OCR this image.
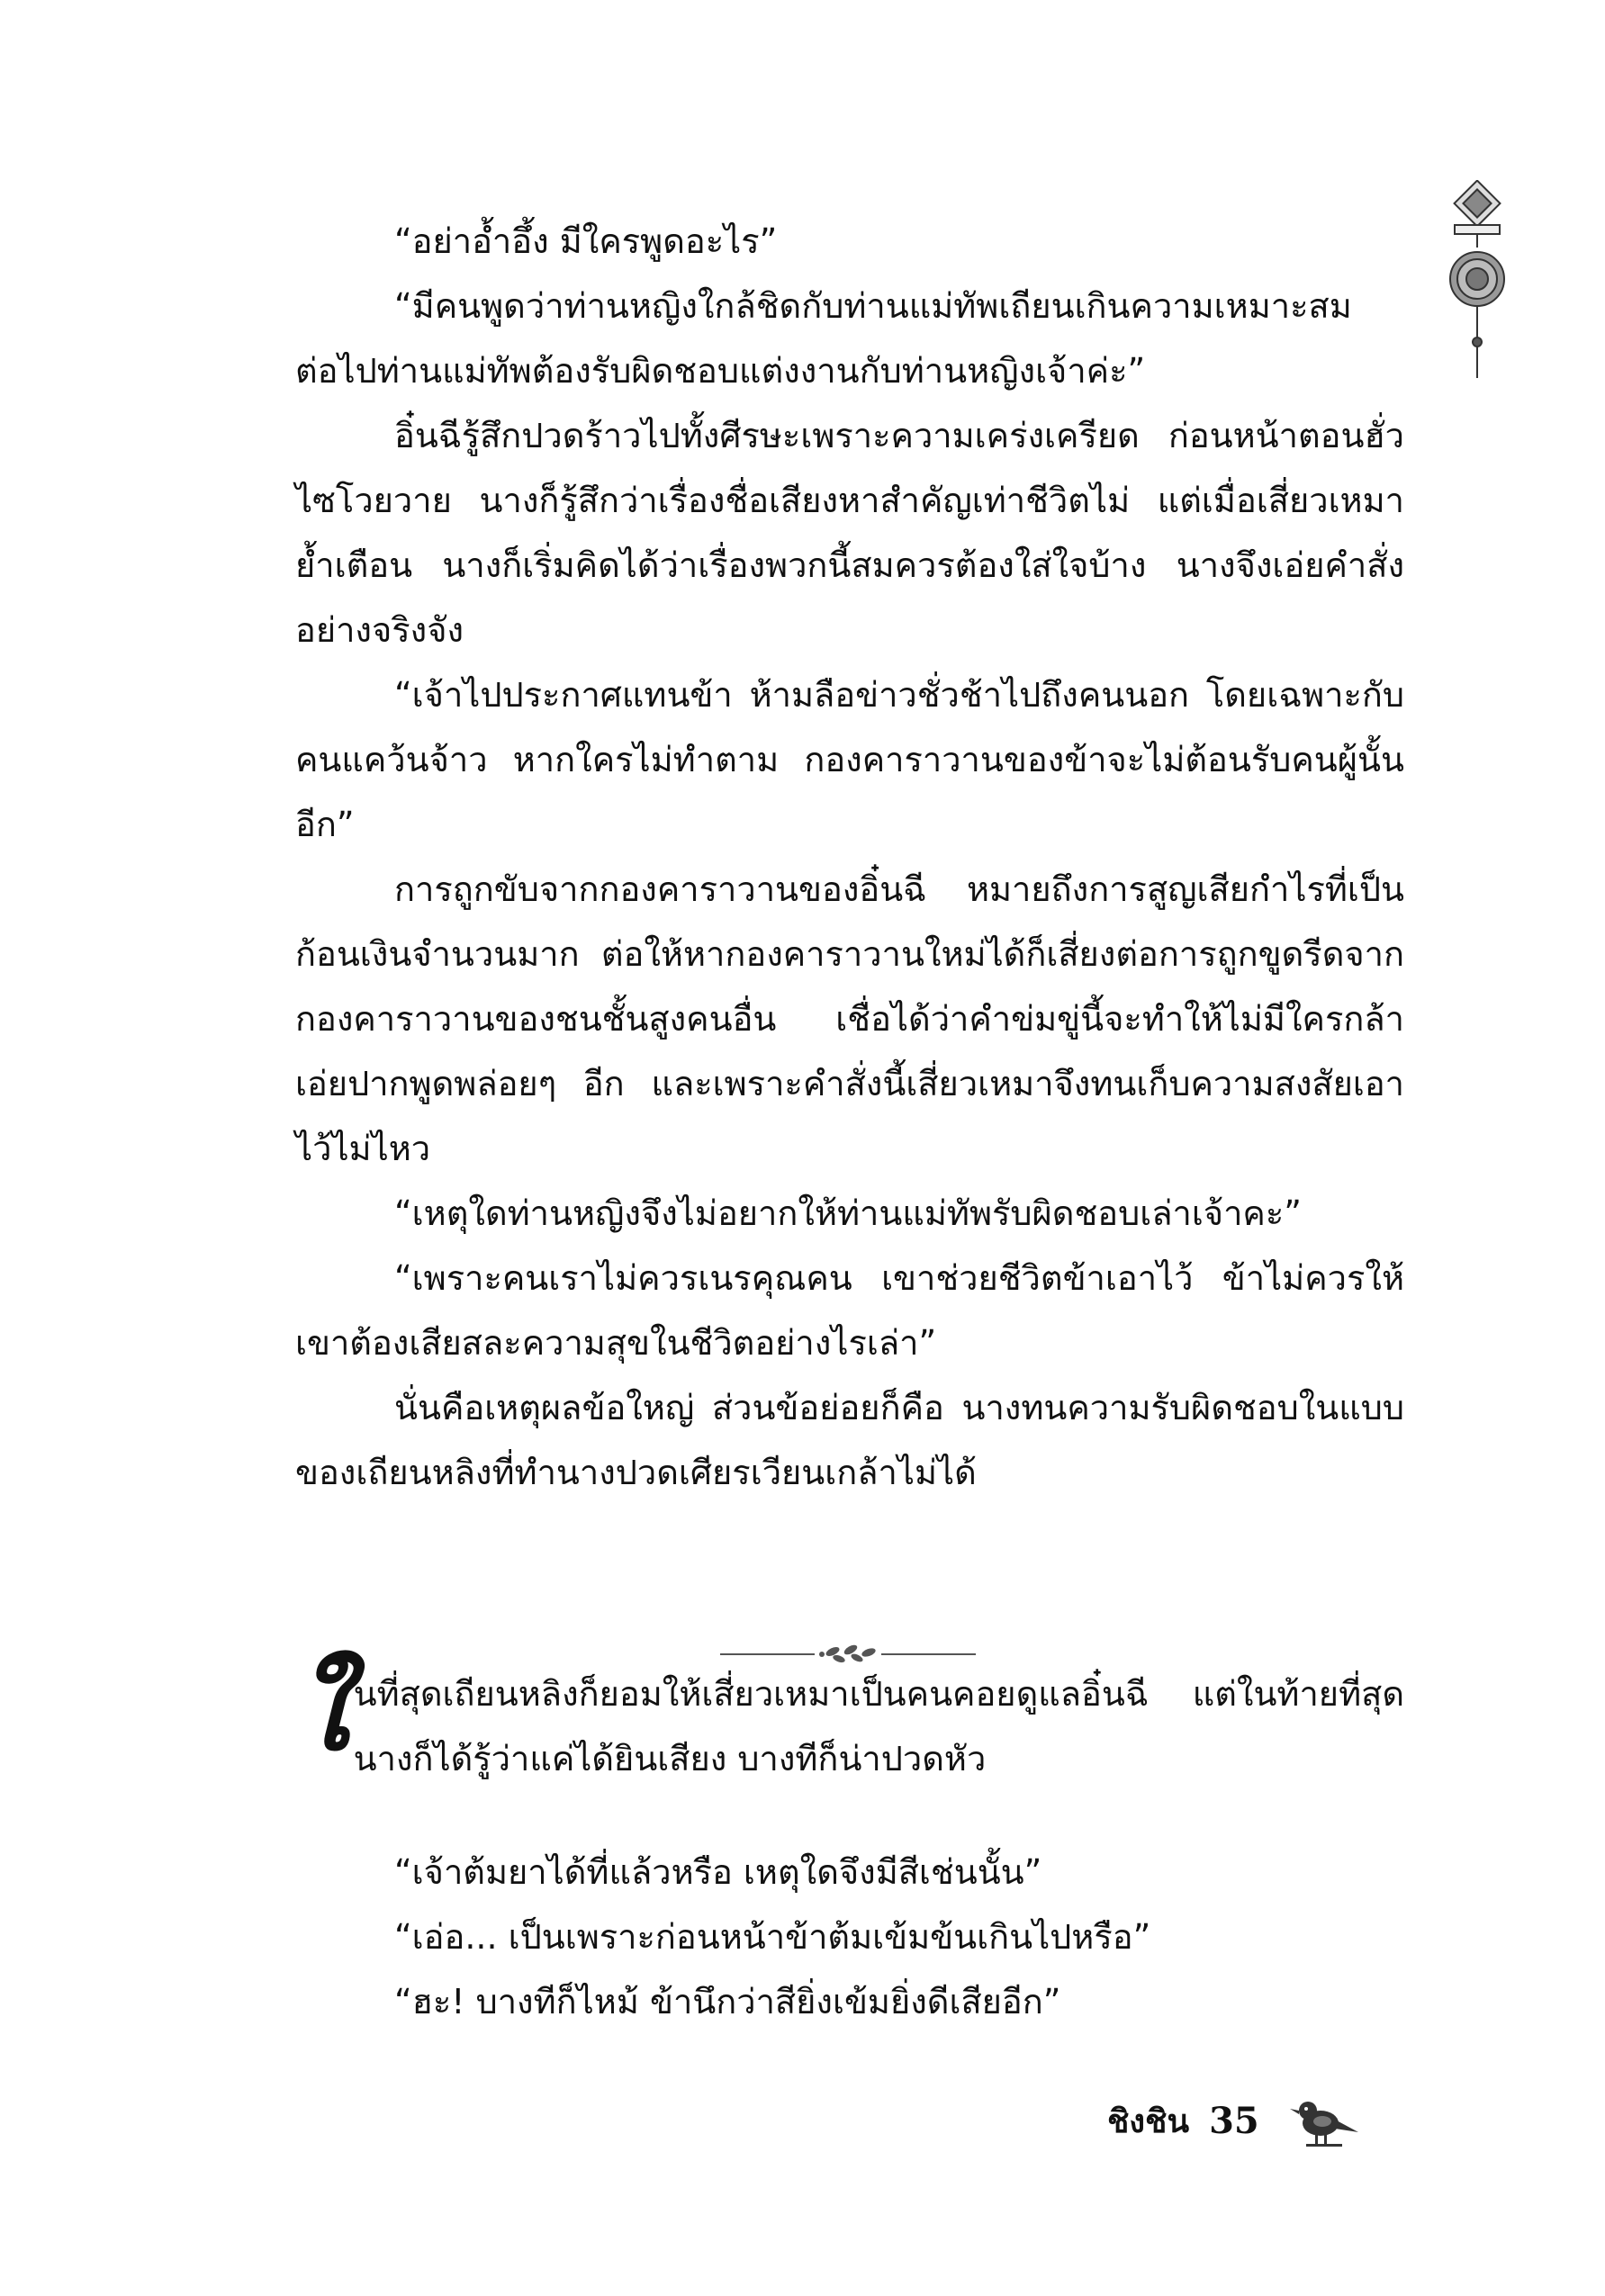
“อย่าอ้ำอึ้ง มีใครพูดอะไร”

“มีคนพูดว่าท่านหญิงใกล้ชิดกับท่านแม่ทัพเถียนเกินความเหมาะสม ต่อไปท่านแม่ทัพต้องรับผิดชอบแต่งงานกับท่านหญิงเจ้าค่ะ”

อิ๋นฉีรู้สึกปวดร้าวไปทั้งศีรษะเพราะความเคร่งเครียด ก่อนหน้าตอนฮั่วไซโวยวาย นางก็รู้สึกว่าเรื่องชื่อเสียงหาสำคัญเท่าชีวิตไม่ แต่เมื่อเสี่ยวเหมาย้ำเตือน นางก็เริ่มคิดได้ว่าเรื่องพวกนี้สมควรต้องใส่ใจบ้าง นางจึงเอ่ยคำสั่งอย่างจริงจัง

“เจ้าไปประกาศแทนข้า ห้ามลือข่าวชั่วช้าไปถึงคนนอก โดยเฉพาะกับคนแคว้นจ้าว หากใครไม่ทำตาม กองคาราวานของข้าจะไม่ต้อนรับคนผู้นั้นอีก”

การถูกขับจากกองคาราวานของอิ๋นฉี หมายถึงการสูญเสียกำไรที่เป็นก้อนเงินจำนวนมาก ต่อให้หากองคาราวานใหม่ได้ก็เสี่ยงต่อการถูกขูดรีดจากกองคาราวานของชนชั้นสูงคนอื่น เชื่อได้ว่าคำข่มขู่นี้จะทำให้ไม่มีใครกล้าเอ่ยปากพูดพล่อยๆ อีก และเพราะคำสั่งนี้เสี่ยวเหมาจึงทนเก็บความสงสัยเอาไว้ไม่ไหว

“เหตุใดท่านหญิงจึงไม่อยากให้ท่านแม่ทัพรับผิดชอบเล่าเจ้าคะ”

“เพราะคนเราไม่ควรเนรคุณคน เขาช่วยชีวิตข้าเอาไว้ ข้าไม่ควรให้เขาต้องเสียสละความสุขในชีวิตอย่างไรเล่า”

นั่นคือเหตุผลข้อใหญ่ ส่วนข้อย่อยก็คือ นางทนความรับผิดชอบในแบบของเถียนหลิงที่ทำนางปวดเศียรเวียนเกล้าไม่ได้

ใ นที่สุดเถียนหลิงก็ยอมให้เสี่ยวเหมาเป็นคนคอยดูแลอิ๋นฉี แต่ในท้ายที่สุดนางก็ได้รู้ว่าแค่ได้ยินเสียง บางทีก็น่าปวดหัว

“เจ้าต้มยาได้ที่แล้วหรือ เหตุใดจึงมีสีเช่นนั้น”

“เอ่อ... เป็นเพราะก่อนหน้าข้าต้มเข้มข้นเกินไปหรือ”

“ฮะ! บางทีก็ไหม้ ข้านึกว่าสียิ่งเข้มยิ่งดีเสียอีก”

ชิงชิน 35
